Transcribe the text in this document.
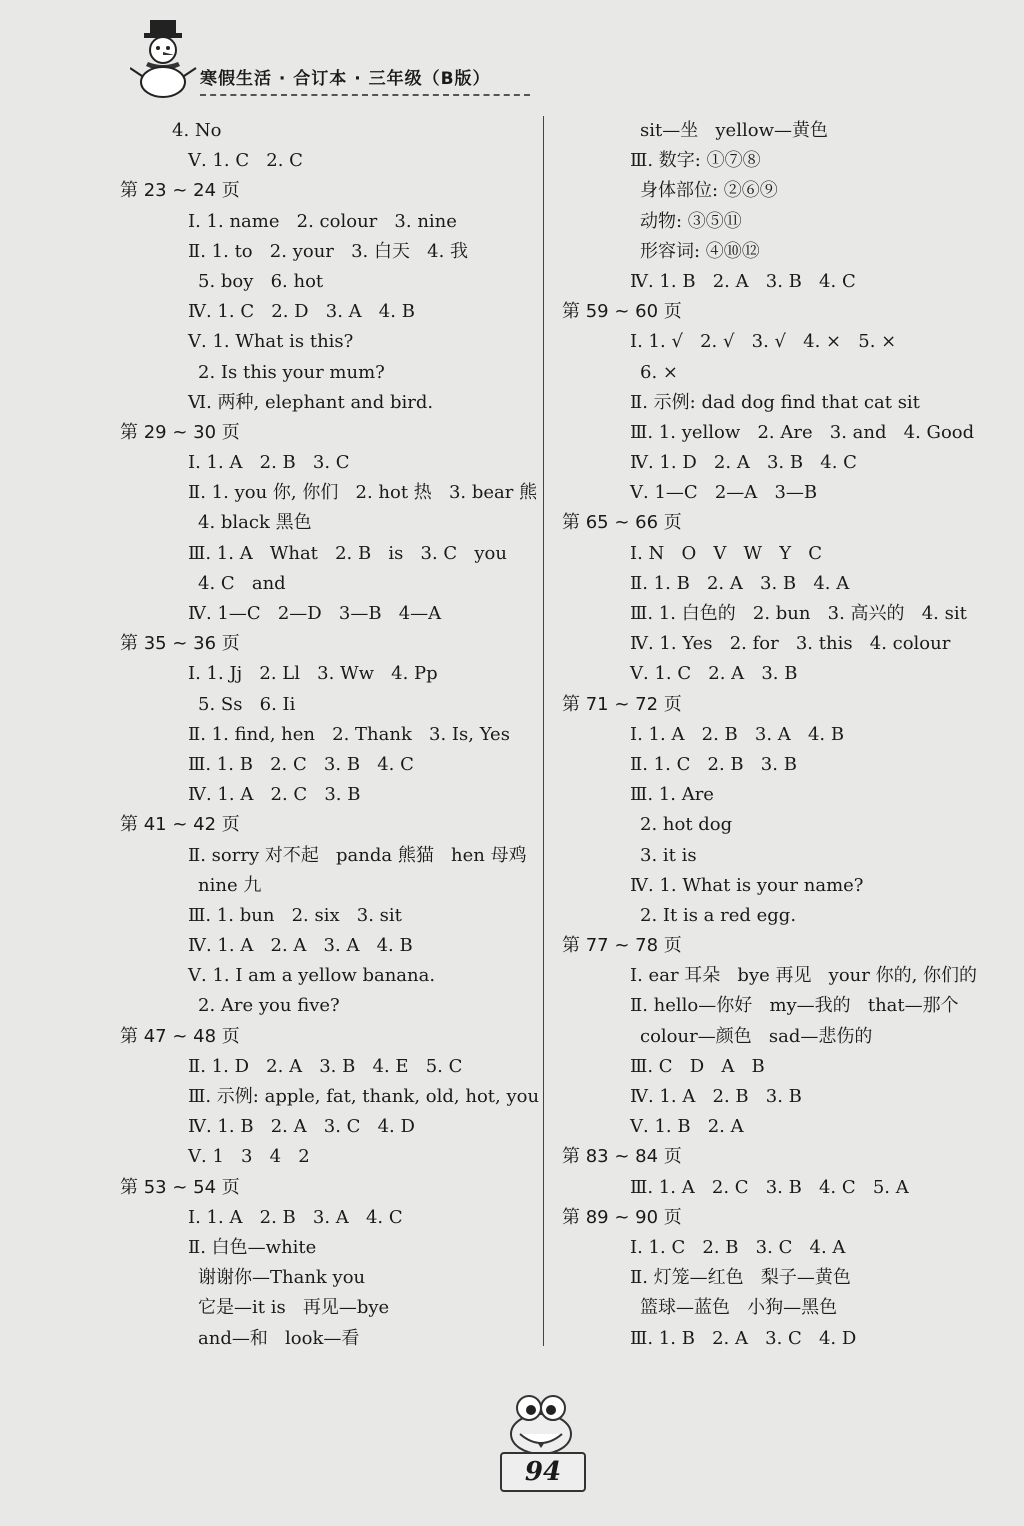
寒假生活 · 合订本 · 三年级（B版）
4. No
Ⅴ. 1. C   2. C
第 23 ~ 24 页
Ⅰ. 1. name   2. colour   3. nine
Ⅱ. 1. to   2. your   3. 白天   4. 我
5. boy   6. hot
Ⅳ. 1. C   2. D   3. A   4. B
Ⅴ. 1. What is this?
2. Is this your mum?
Ⅵ. 两种, elephant and bird.
第 29 ~ 30 页
Ⅰ. 1. A   2. B   3. C
Ⅱ. 1. you 你, 你们   2. hot 热   3. bear 熊
4. black 黑色
Ⅲ. 1. A   What   2. B   is   3. C   you
4. C   and
Ⅳ. 1—C   2—D   3—B   4—A
第 35 ~ 36 页
Ⅰ. 1. Jj   2. Ll   3. Ww   4. Pp
5. Ss   6. Ii
Ⅱ. 1. find, hen   2. Thank   3. Is, Yes
Ⅲ. 1. B   2. C   3. B   4. C
Ⅳ. 1. A   2. C   3. B
第 41 ~ 42 页
Ⅱ. sorry 对不起   panda 熊猫   hen 母鸡
nine 九
Ⅲ. 1. bun   2. six   3. sit
Ⅳ. 1. A   2. A   3. A   4. B
Ⅴ. 1. I am a yellow banana.
2. Are you five?
第 47 ~ 48 页
Ⅱ. 1. D   2. A   3. B   4. E   5. C
Ⅲ. 示例: apple, fat, thank, old, hot, you
Ⅳ. 1. B   2. A   3. C   4. D
Ⅴ. 1   3   4   2
第 53 ~ 54 页
Ⅰ. 1. A   2. B   3. A   4. C
Ⅱ. 白色—white
谢谢你—Thank you
它是—it is   再见—bye
and—和   look—看
sit—坐   yellow—黄色
Ⅲ. 数字: ①⑦⑧
身体部位: ②⑥⑨
动物: ③⑤⑪
形容词: ④⑩⑫
Ⅳ. 1. B   2. A   3. B   4. C
第 59 ~ 60 页
Ⅰ. 1. √   2. √   3. √   4. ×   5. ×
6. ×
Ⅱ. 示例: dad dog find that cat sit
Ⅲ. 1. yellow   2. Are   3. and   4. Good
Ⅳ. 1. D   2. A   3. B   4. C
Ⅴ. 1—C   2—A   3—B
第 65 ~ 66 页
Ⅰ. N   O   V   W   Y   C
Ⅱ. 1. B   2. A   3. B   4. A
Ⅲ. 1. 白色的   2. bun   3. 高兴的   4. sit
Ⅳ. 1. Yes   2. for   3. this   4. colour
Ⅴ. 1. C   2. A   3. B
第 71 ~ 72 页
Ⅰ. 1. A   2. B   3. A   4. B
Ⅱ. 1. C   2. B   3. B
Ⅲ. 1. Are
2. hot dog
3. it is
Ⅳ. 1. What is your name?
2. It is a red egg.
第 77 ~ 78 页
Ⅰ. ear 耳朵   bye 再见   your 你的, 你们的
Ⅱ. hello—你好   my—我的   that—那个
colour—颜色   sad—悲伤的
Ⅲ. C   D   A   B
Ⅳ. 1. A   2. B   3. B
Ⅴ. 1. B   2. A
第 83 ~ 84 页
Ⅲ. 1. A   2. C   3. B   4. C   5. A
第 89 ~ 90 页
Ⅰ. 1. C   2. B   3. C   4. A
Ⅱ. 灯笼—红色   梨子—黄色
篮球—蓝色   小狗—黑色
Ⅲ. 1. B   2. A   3. C   4. D
94
